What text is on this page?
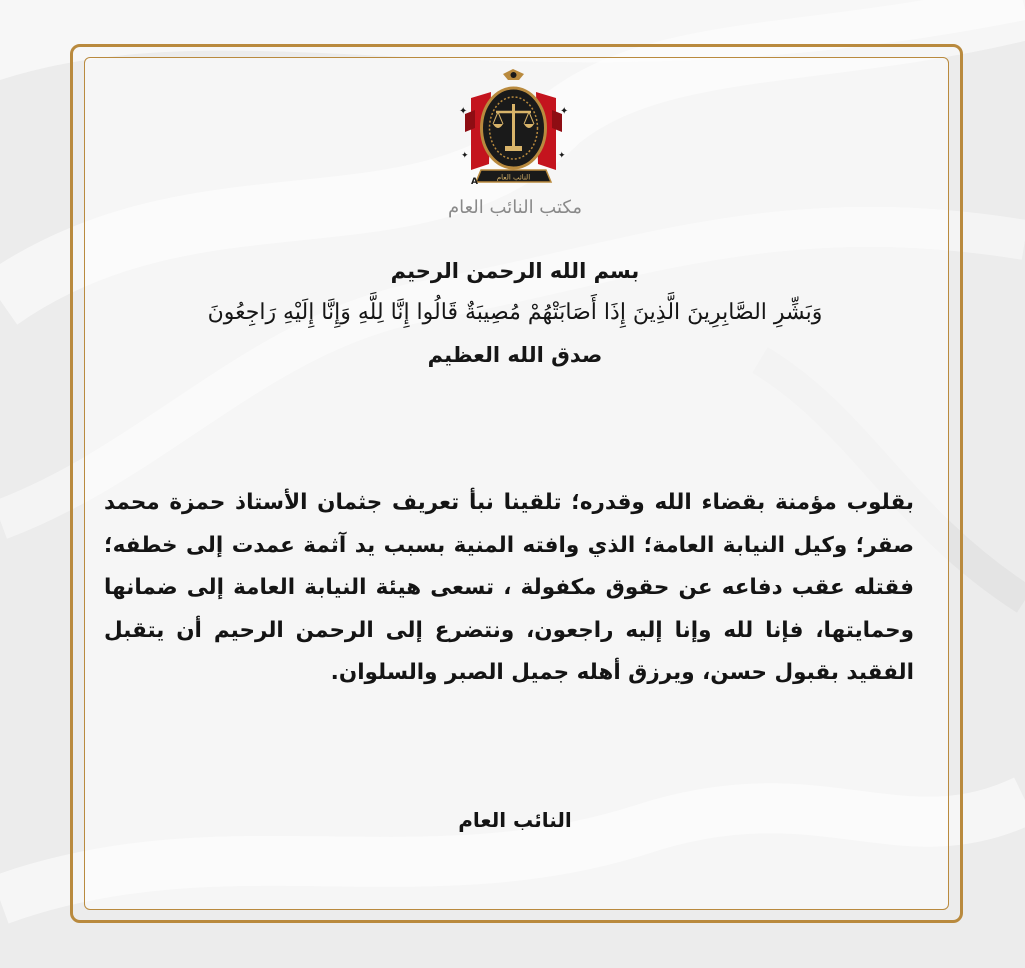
✦	✦
✦	✦
النائب العام
A
مكتب النائب العام
بسم الله الرحمن الرحيم
وَبَشِّرِ الصَّابِرِينَ الَّذِينَ إِذَا أَصَابَتْهُمْ مُصِيبَةٌ قَالُوا إِنَّا لِلَّهِ وَإِنَّا إِلَيْهِ رَاجِعُونَ
صدق الله العظيم
بقلوب مؤمنة بقضاء الله وقدره؛ تلقينا نبأ تعريف جثمان الأستاذ حمزة محمد صقر؛ وكيل النيابة العامة؛ الذي وافته المنية بسبب يد آثمة عمدت إلى خطفه؛ فقتله عقب دفاعه عن حقوق مكفولة ، تسعى هيئة النيابة العامة إلى ضمانها وحمايتها، فإنا لله وإنا إليه راجعون، ونتضرع إلى الرحمن الرحيم أن يتقبل الفقيد بقبول حسن، ويرزق أهله جميل الصبر والسلوان.
النائب العام
